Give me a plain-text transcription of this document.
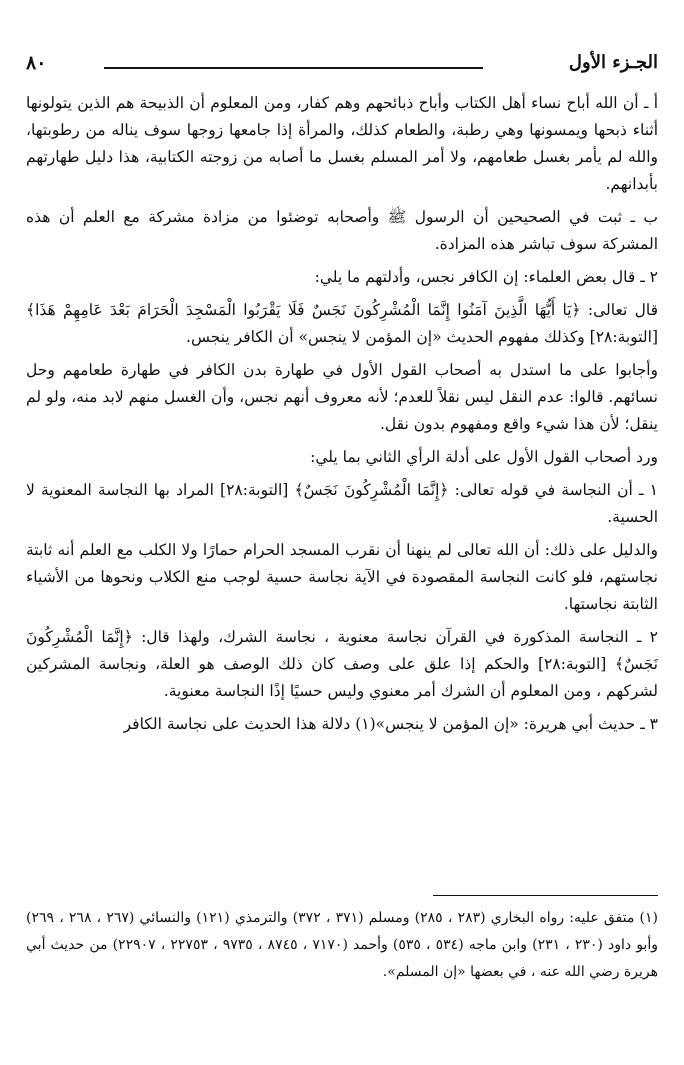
الجـزء الأول
٨٠

أ ـ أن الله أباح نساء أهل الكتاب وأباح ذبائحهم وهم كفار، ومن المعلوم أن الذبيحة هم الذين يتولونها أثناء ذبحها ويمسونها وهي رطبة، والطعام كذلك، والمرأة إذا جامعها زوجها سوف يناله من رطوبتها، والله لم يأمر بغسل طعامهم، ولا أمر المسلم بغسل ما أصابه من زوجته الكتابية، هذا دليل طهارتهم بأبدانهم.

ب ـ ثبت في الصحيحين أن الرسول ﷺ وأصحابه توضئوا من مزادة مشركة مع العلم أن هذه المشركة سوف تباشر هذه المزادة.

٢ ـ قال بعض العلماء: إن الكافر نجس، وأدلتهم ما يلي:

قال تعالى: ﴿يَا أَيُّهَا الَّذِينَ آمَنُوا إِنَّمَا الْمُشْرِكُونَ نَجَسٌ فَلَا يَقْرَبُوا الْمَسْجِدَ الْحَرَامَ بَعْدَ عَامِهِمْ هَذَا﴾ [التوبة:٢٨] وكذلك مفهوم الحديث «إن المؤمن لا ينجس» أن الكافر ينجس.

وأجابوا على ما استدل به أصحاب القول الأول في طهارة بدن الكافر في طهارة طعامهم وحل نسائهم. قالوا: عدم النقل ليس نقلاً للعدم؛ لأنه معروف أنهم نجس، وأن الغسل منهم لابد منه، ولو لم ينقل؛ لأن هذا شيء واقع ومفهوم بدون نقل.

ورد أصحاب القول الأول على أدلة الرأي الثاني بما يلي:

١ ـ أن النجاسة في قوله تعالى: ﴿إِنَّمَا الْمُشْرِكُونَ نَجَسٌ﴾ [التوبة:٢٨] المراد بها النجاسة المعنوية لا الحسية.

والدليل على ذلك: أن الله تعالى لم ينهنا أن نقرب المسجد الحرام حمارًا ولا الكلب مع العلم أنه ثابتة نجاستهم، فلو كانت النجاسة المقصودة في الآية نجاسة حسية لوجب منع الكلاب ونحوها من الأشياء الثابتة نجاستها.

٢ ـ النجاسة المذكورة في القرآن نجاسة معنوية ، نجاسة الشرك، ولهذا قال: ﴿إِنَّمَا الْمُشْرِكُونَ نَجَسٌ﴾ [التوبة:٢٨] والحكم إذا علق على وصف كان ذلك الوصف هو العلة، ونجاسة المشركين لشركهم ، ومن المعلوم أن الشرك أمر معنوي وليس حسيًا إذًا النجاسة معنوية.

٣ ـ حديث أبي هريرة: «إن المؤمن لا ينجس»(١) دلالة هذا الحديث على نجاسة الكافر

(١) متفق عليه: رواه البخاري (٢٨٣ ، ٢٨٥) ومسلم (٣٧١ ، ٣٧٢) والترمذي (١٢١) والنسائي (٢٦٧ ، ٢٦٨ ، ٢٦٩) وأبو داود (٢٣٠ ، ٢٣١) وابن ماجه (٥٣٤ ، ٥٣٥) وأحمد (٧١٧٠ ، ٨٧٤٥ ، ٩٧٣٥ ، ٢٢٧٥٣ ، ٢٢٩٠٧) من حديث أبي هريرة رضي الله عنه ، في بعضها «إن المسلم».
